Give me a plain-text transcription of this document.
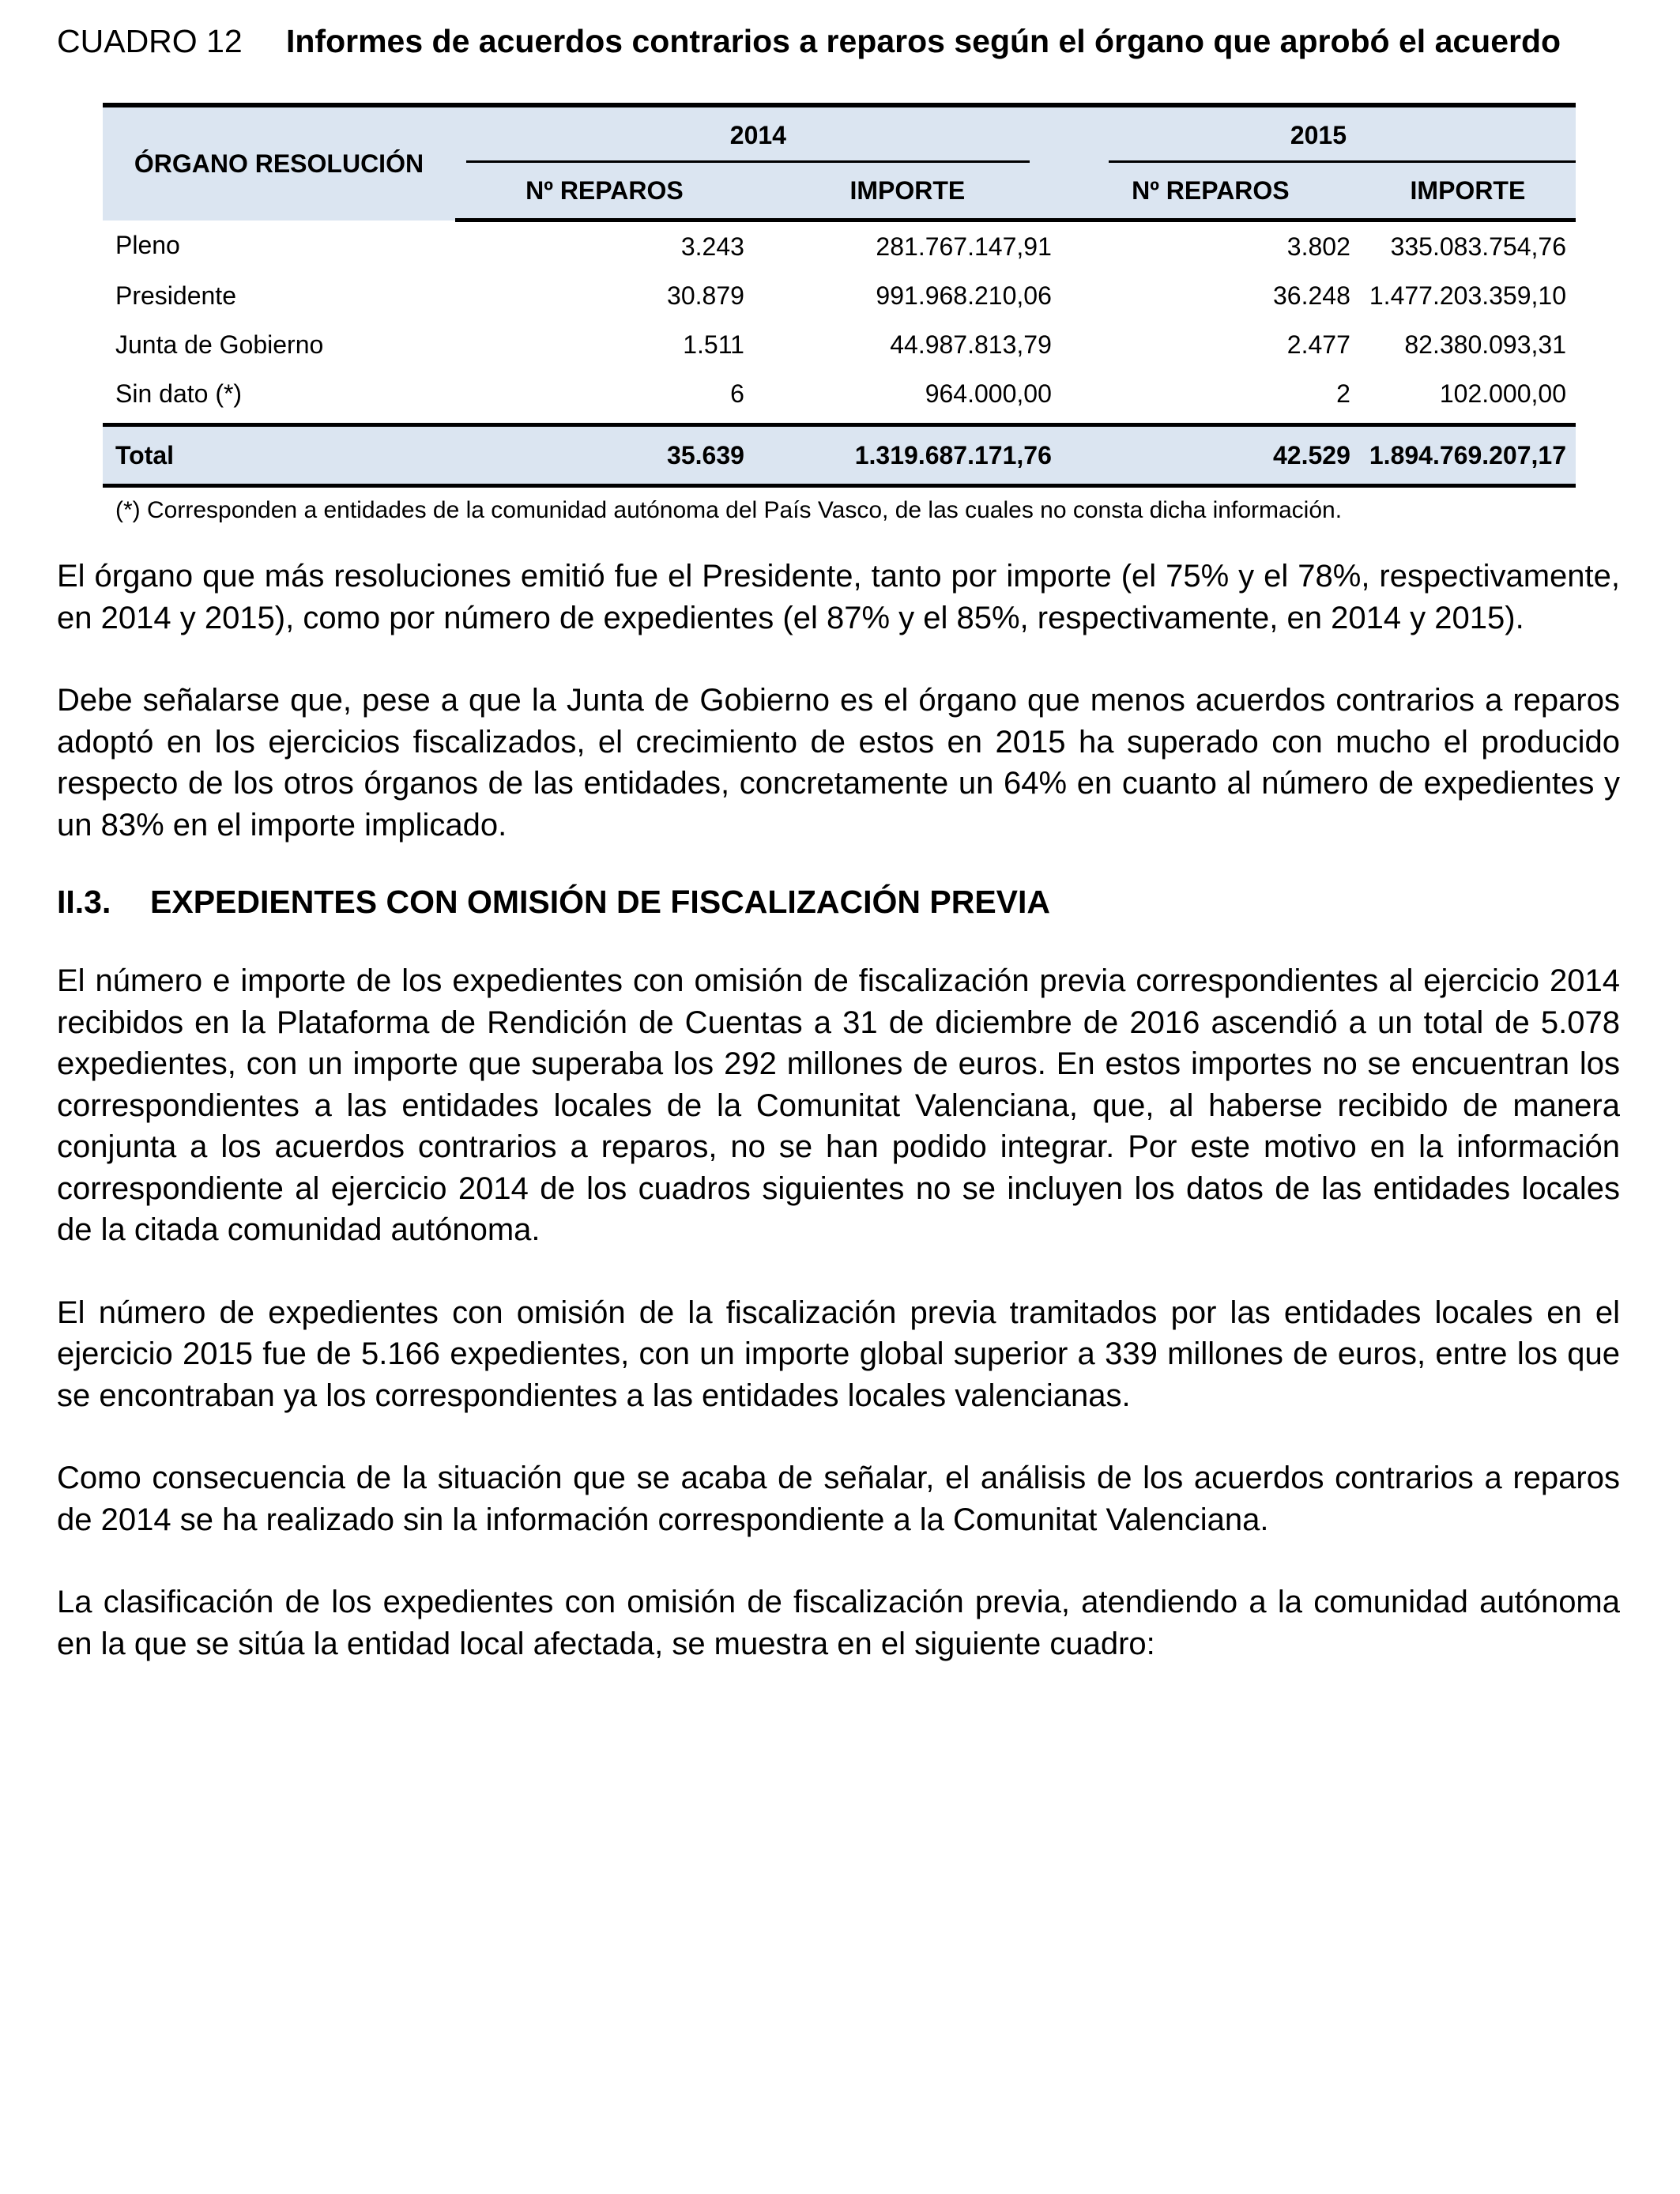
CUADRO 12	Informes de acuerdos contrarios a reparos según el órgano que aprobó el acuerdo
ÓRGANO RESOLUCIÓN	2014		2015	

	Nº REPAROS	IMPORTE	Nº REPAROS	IMPORTE
Pleno	3.243	281.767.147,91	3.802	335.083.754,76
Presidente	30.879	991.968.210,06	36.248	1.477.203.359,10
Junta de Gobierno	1.511	44.987.813,79	2.477	82.380.093,31
Sin dato (*)	6	964.000,00	2	102.000,00

Total	35.639	1.319.687.171,76	42.529	1.894.769.207,17
(*) Corresponden a entidades de la comunidad autónoma del País Vasco, de las cuales no consta dicha información.

El órgano que más resoluciones emitió fue el Presidente, tanto por importe (el 75% y el 78%, respectivamente, en 2014 y 2015), como por número de expedientes (el 87% y el 85%, respectivamente, en 2014 y 2015).

Debe señalarse que, pese a que la Junta de Gobierno es el órgano que menos acuerdos contrarios a reparos adoptó en los ejercicios fiscalizados, el crecimiento de estos en 2015 ha superado con mucho el producido respecto de los otros órganos de las entidades, concretamente un 64% en cuanto al número de expedientes y un 83% en el importe implicado.

II.3.	EXPEDIENTES CON OMISIÓN DE FISCALIZACIÓN PREVIA

El número e importe de los expedientes con omisión de fiscalización previa correspondientes al ejercicio 2014 recibidos en la Plataforma de Rendición de Cuentas a 31 de diciembre de 2016 ascendió a un total de 5.078 expedientes, con un importe que superaba los 292 millones de euros. En estos importes no se encuentran los correspondientes a las entidades locales de la Comunitat Valenciana, que, al haberse recibido de manera conjunta a los acuerdos contrarios a reparos, no se han podido integrar. Por este motivo en la información correspondiente al ejercicio 2014 de los cuadros siguientes no se incluyen los datos de las entidades locales de la citada comunidad autónoma.

El número de expedientes con omisión de la fiscalización previa tramitados por las entidades locales en el ejercicio 2015 fue de 5.166 expedientes, con un importe global superior a 339 millones de euros, entre los que se encontraban ya los correspondientes a las entidades locales valencianas.

Como consecuencia de la situación que se acaba de señalar, el análisis de los acuerdos contrarios a reparos de 2014 se ha realizado sin la información correspondiente a la Comunitat Valenciana.

La clasificación de los expedientes con omisión de fiscalización previa, atendiendo a la comunidad autónoma en la que se sitúa la entidad local afectada, se muestra en el siguiente cuadro:
